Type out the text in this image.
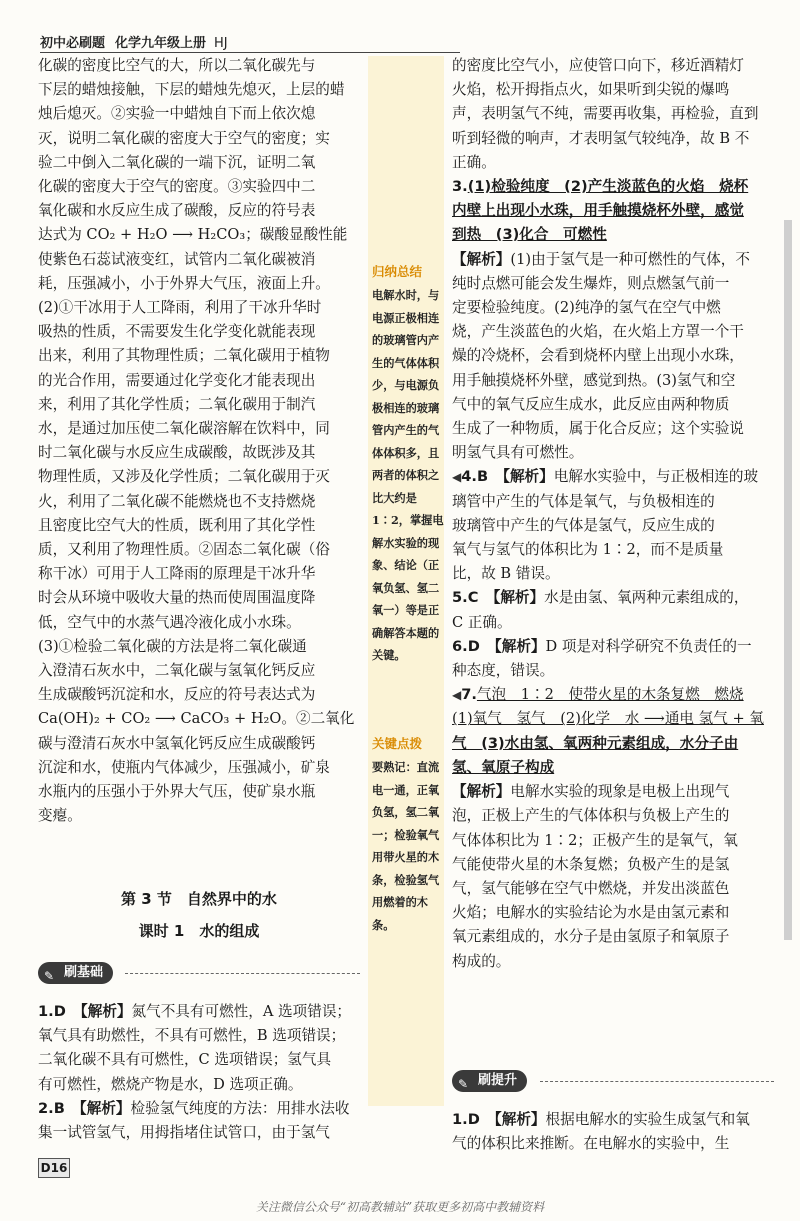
初中必刷题 化学九年级上册 HJ
归纳总结
电解水时，与电源正极相连的玻璃管内产生的气体体积少，与电源负极相连的玻璃管内产生的气体体积多，且两者的体积之比大约是1∶2，掌握电解水实验的现象、结论（正氧负氢、氢二氧一）等是正确解答本题的关键。
关键点拨
要熟记：直流电一通，正氧负氢，氢二氧一；检验氧气用带火星的木条，检验氢气用燃着的木条。

化碳的密度比空气的大，所以二氧化碳先与

下层的蜡烛接触，下层的蜡烛先熄灭，上层的蜡

烛后熄灭。②实验一中蜡烛自下而上依次熄

灭，说明二氧化碳的密度大于空气的密度；实

验二中倒入二氧化碳的一端下沉，证明二氧

化碳的密度大于空气的密度。③实验四中二

氧化碳和水反应生成了碳酸，反应的符号表

达式为 CO₂ + H₂O ⟶ H₂CO₃；碳酸显酸性能

使紫色石蕊试液变红，试管内二氧化碳被消

耗，压强减小，小于外界大气压，液面上升。

(2)①干冰用于人工降雨，利用了干冰升华时

吸热的性质，不需要发生化学变化就能表现

出来，利用了其物理性质；二氧化碳用于植物

的光合作用，需要通过化学变化才能表现出

来，利用了其化学性质；二氧化碳用于制汽

水，是通过加压使二氧化碳溶解在饮料中，同

时二氧化碳与水反应生成碳酸，故既涉及其

物理性质，又涉及化学性质；二氧化碳用于灭

火，利用了二氧化碳不能燃烧也不支持燃烧

且密度比空气大的性质，既利用了其化学性

质，又利用了物理性质。②固态二氧化碳（俗

称干冰）可用于人工降雨的原理是干冰升华

时会从环境中吸收大量的热而使周围温度降

低，空气中的水蒸气遇冷液化成小水珠。

(3)①检验二氧化碳的方法是将二氧化碳通

入澄清石灰水中，二氧化碳与氢氧化钙反应

生成碳酸钙沉淀和水，反应的符号表达式为

Ca(OH)₂ + CO₂ ⟶ CaCO₃ + H₂O。②二氧化

碳与澄清石灰水中氢氧化钙反应生成碳酸钙

沉淀和水，使瓶内气体减少，压强减小，矿泉

水瓶内的压强小于外界大气压，使矿泉水瓶

变瘪。

第 3 节　自然界中的水
课时 1　水的组成
✎ 刷基础

1.D　 【解析】氮气不具有可燃性，A 选项错误；

氧气具有助燃性，不具有可燃性，B 选项错误；

二氧化碳不具有可燃性，C 选项错误；氢气具

有可燃性，燃烧产物是水，D 选项正确。

2.B　 【解析】检验氢气纯度的方法：用排水法收

集一试管氢气，用拇指堵住试管口，由于氢气

的密度比空气小，应使管口向下，移近酒精灯

火焰，松开拇指点火，如果听到尖锐的爆鸣

声，表明氢气不纯，需要再收集，再检验，直到

听到轻微的响声，才表明氢气较纯净，故 B 不

正确。

3.(1)检验纯度　(2)产生淡蓝色的火焰　烧杯

内壁上出现小水珠，用手触摸烧杯外壁，感觉

到热　(3)化合　可燃性

【解析】(1)由于氢气是一种可燃性的气体，不

纯时点燃可能会发生爆炸，则点燃氢气前一

定要检验纯度。(2)纯净的氢气在空气中燃

烧，产生淡蓝色的火焰，在火焰上方罩一个干

燥的冷烧杯，会看到烧杯内壁上出现小水珠，

用手触摸烧杯外壁，感觉到热。(3)氢气和空

气中的氧气反应生成水，此反应由两种物质

生成了一种物质，属于化合反应；这个实验说

明氢气具有可燃性。

◀4.B　 【解析】电解水实验中，与正极相连的玻

璃管中产生的气体是氧气，与负极相连的

玻璃管中产生的气体是氢气，反应生成的

氧气与氢气的体积比为 1∶2，而不是质量

比，故 B 错误。

5.C　 【解析】水是由氢、氧两种元素组成的，

C 正确。

6.D　 【解析】D 项是对科学研究不负责任的一

种态度，错误。

◀7.气泡　1∶2　使带火星的木条复燃　燃烧

(1)氧气　氢气　(2)化学　水 ⟶通电 氢气 + 氧

气　(3)水由氢、氧两种元素组成，水分子由

氢、氧原子构成

【解析】电解水实验的现象是电极上出现气

泡，正极上产生的气体体积与负极上产生的

气体体积比为 1∶2；正极产生的是氧气，氧

气能使带火星的木条复燃；负极产生的是氢

气，氢气能够在空气中燃烧，并发出淡蓝色

火焰；电解水的实验结论为水是由氢元素和

氧元素组成的，水分子是由氢原子和氧原子

构成的。

✎ 刷提升

1.D　 【解析】根据电解水的实验生成氢气和氧

气的体积比来推断。在电解水的实验中，生

D16
关注微信公众号“初高教辅站”获取更多初高中教辅资料
